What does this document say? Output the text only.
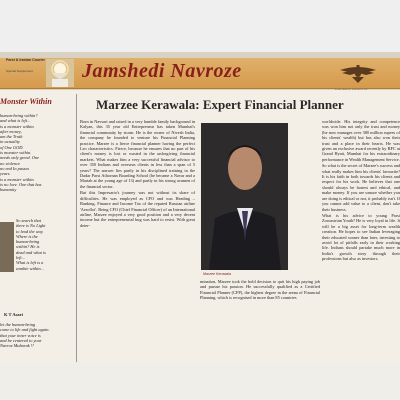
Parsi & Iranian Courier
Special Supplement Jamshedi Navroze
Monster Within
human-being within?
and what is left...
is a monster within.
after money,
am the Truth
in actuality
of One GOD.
is monster within.
needs only greed. One
no violence
no end In passes
years.
is a monster within.
is no love. One that has
humanity
So search that
there is No Light
to lead the way.
Where is the
human-being
within? He is
dead and what is
left...
What is left is a
zombie within...
K T Asari
let the human-being
come to life and fight again.
that your inner voice is
and be centered to your
Navroz Mubarak !!
Marzee Kerawala: Expert Financial Planner

Born in Navsari and raised in a very humble family background in Kalyan, this 35 year old Entrepreneur has taken Mumbai's financial community by storm. He is the owner of Nivesh India, the company he founded to venture his Financial Planning practice. Marzee is a fierce financial planner having the perfect Leo characteristics. Fierce, because he ensures that no part of his client's money is lost or wasted in the unforgiving financial markets. What makes him a very successful financial advisor to over 350 Indians and overseas clients in less than a span of 5 years? The answer lies partly in his disciplined training in the Dadar Parsi Athornan Boarding School (he became a Navar and a Martab at the young age of 13) and partly in his strong acumen of the financial sector.

But this Impresario's journey was not without its share of difficulties. He was employed as CFO and was Heading – Banking, Finance and Income Tax of the reputed Russian airline 'Aeroflot'. Being CFO (Chief Financial Officer) of an International airline, Marzee enjoyed a very good position and a very decent income but the entrepreneurial bug was hard to resist. With great deter-

Marzee Kerawala

mination, Marzee took the bold decision to quit his high paying job and pursue his passion. He successfully qualified as a Certified Financial Planner (CFP), the highest degree in the arena of Financial Planning, which is recognised in more than 85 countries

worldwide. His integrity and competence was won him not only the trust and money (he now manages over 380 million rupees of his clients' wealth) but has also won their trust and a place in their hearts. He was given an exclusive award recently by BFC at Grand Hyatt, Mumbai for his extraordinary performance in Wealth Management Service.

So what is the secret of Marzee's success and what really makes him his clients' favourite? It is his faith in both towards his clients and respect for his work. He believes that one should always be honest and ethical, and make money. If you are unsure whether you are doing is ethical or not, it probably isn't. If you cannot add value to a client, don't take their business.

What is his advice to young Parsi Zoroastrian Youth? He is very loyal in life. It will be a big asset for long-term wealth creation. He hopes to see Indian leveraging their educated sooner than later, investing to avoid lot of pitfalls early in their working life. Indians should partake much more in India's growth story through their professions but also as investors.
